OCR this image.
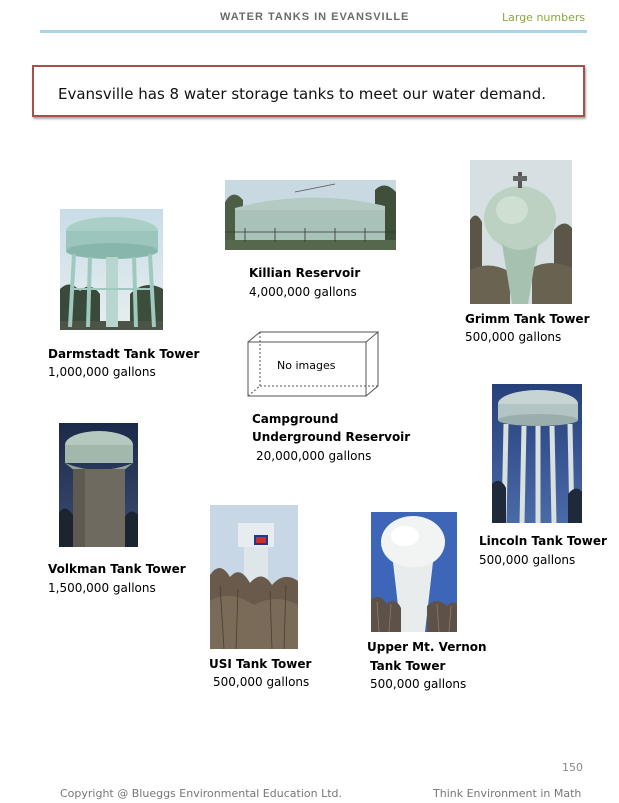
WATER TANKS IN EVANSVILLE	Large numbers
Evansville has 8 water storage tanks to meet our water demand.
Darmstadt Tank Tower
1,000,000 gallons
Killian Reservoir
4,000,000 gallons
Grimm Tank Tower
500,000 gallons
No images
Campground
Underground Reservoir
20,000,000 gallons
Volkman Tank Tower
1,500,000 gallons
Lincoln Tank Tower
500,000 gallons
USI Tank Tower
500,000 gallons
Upper Mt. Vernon
Tank Tower
500,000 gallons
150
Copyright @ Blueggs Environmental Education Ltd.	Think Environment in Math
